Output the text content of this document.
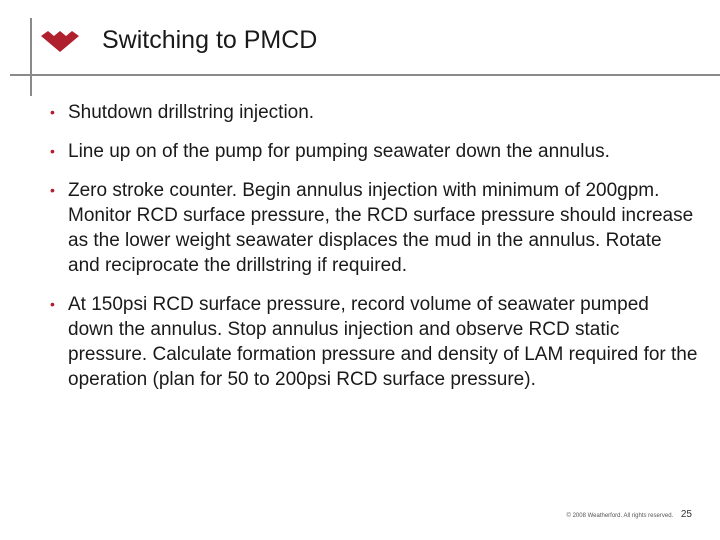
Switching to PMCD
• Shutdown drillstring injection.
• Line up on of the pump for pumping seawater down the annulus.
• Zero stroke counter. Begin annulus injection with minimum of 200gpm. Monitor RCD surface pressure, the RCD surface pressure should increase as the lower weight seawater displaces the mud in the annulus. Rotate and reciprocate the drillstring if required.
• At 150psi RCD surface pressure, record volume of seawater pumped down the annulus. Stop annulus injection and observe RCD static pressure. Calculate formation pressure and density of LAM required for the operation (plan for 50 to 200psi RCD surface pressure).
© 2008 Weatherford. All rights reserved. 25
